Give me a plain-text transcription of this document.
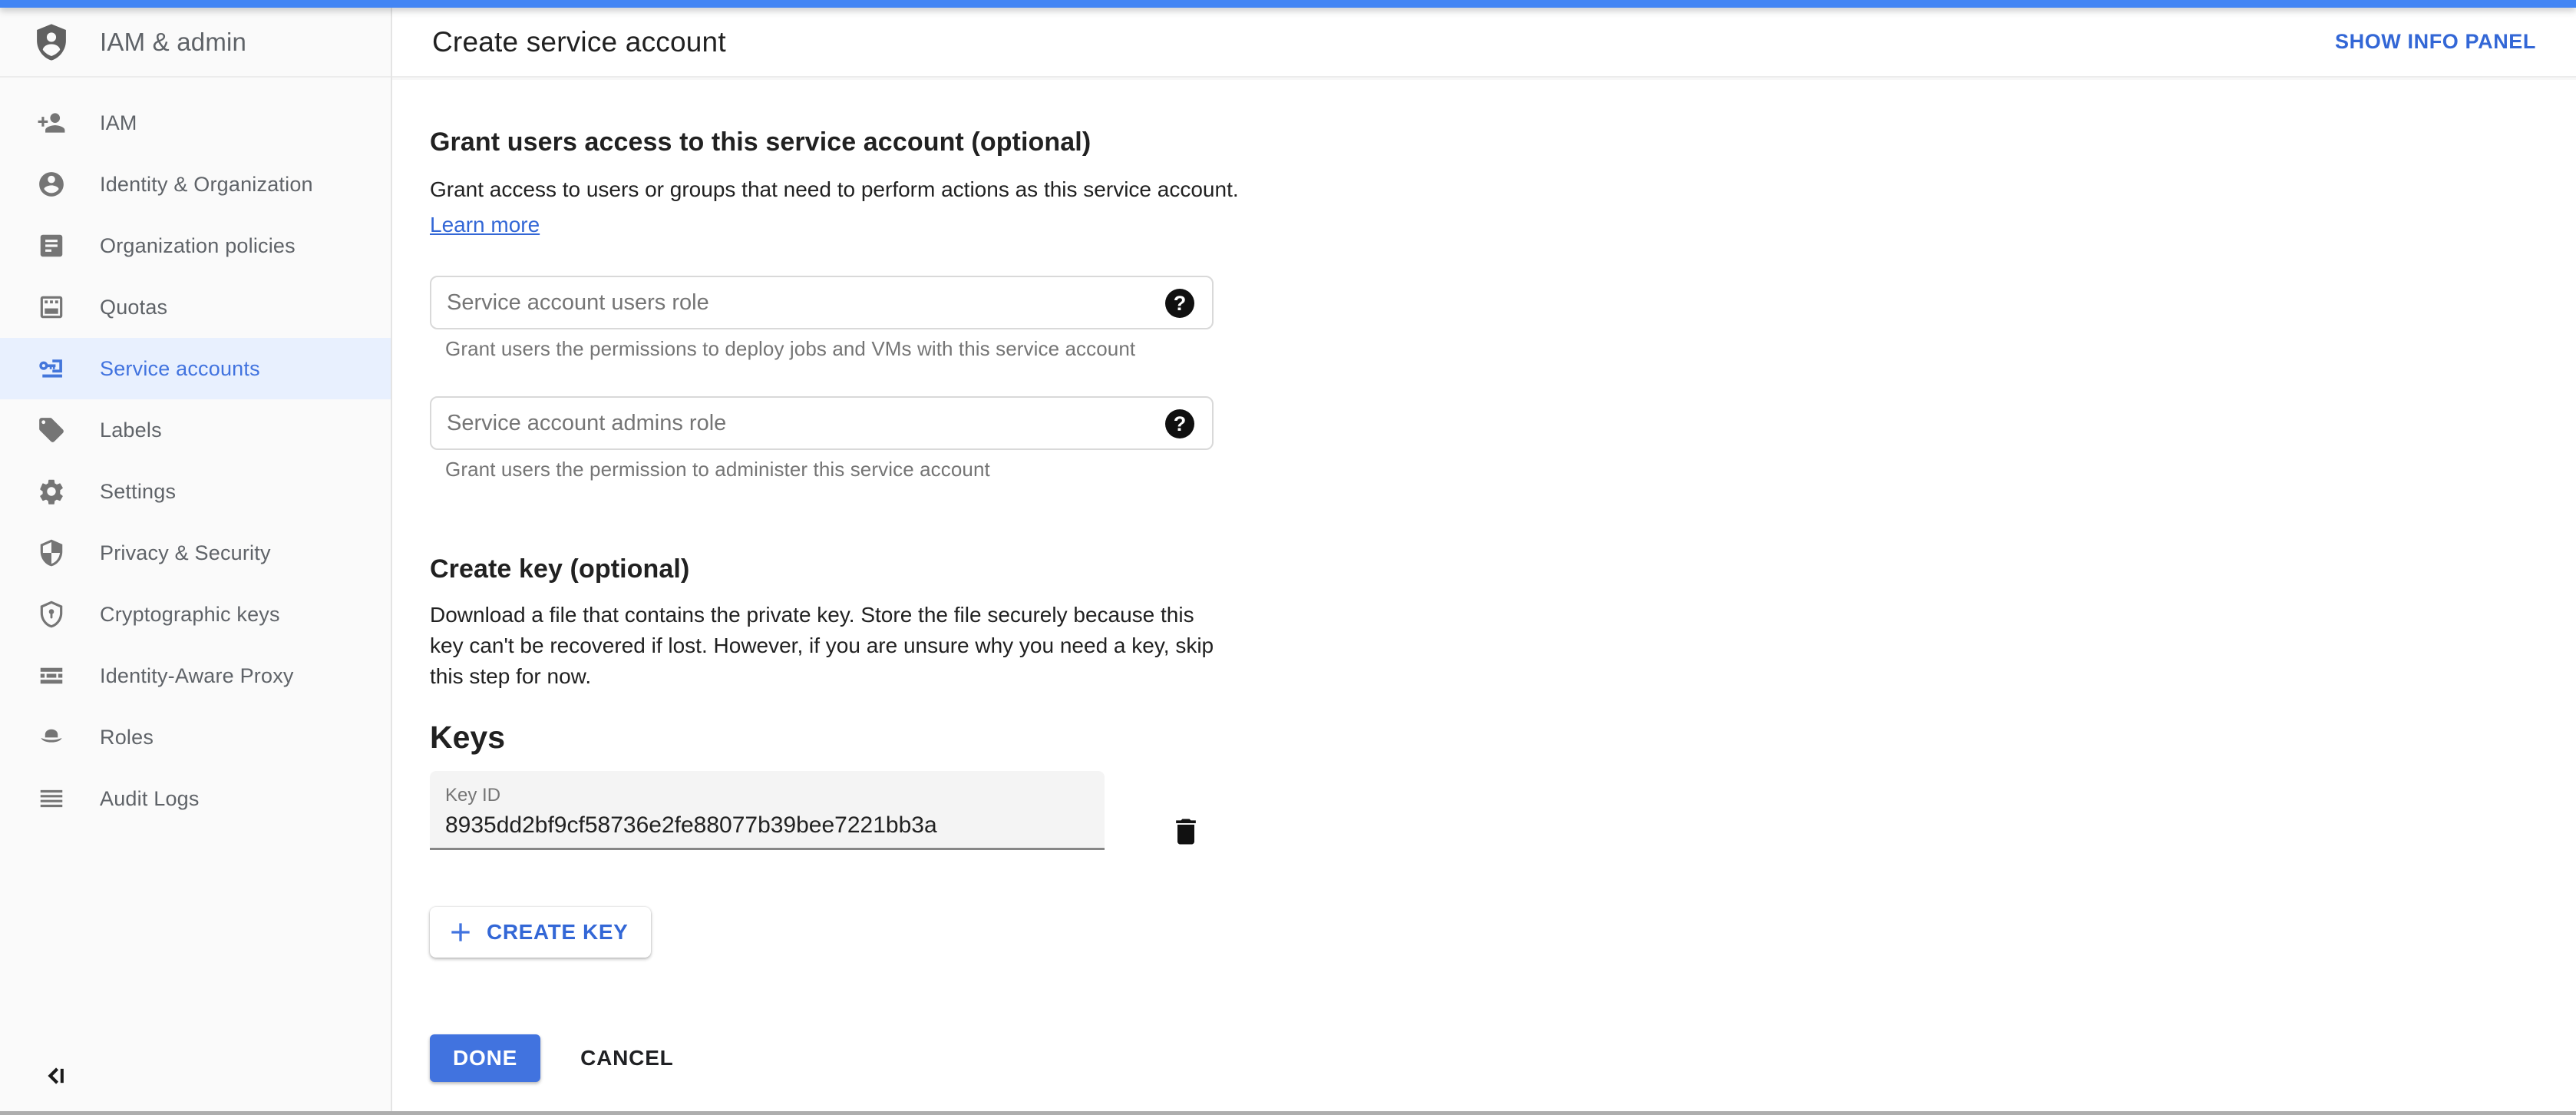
IAM & admin
IAM
Identity & Organization
Organization policies
Quotas
Service accounts
Labels
Settings
Privacy & Security
Cryptographic keys
Identity-Aware Proxy
Roles
Audit Logs
Create service account	SHOW INFO PANEL
Grant users access to this service account (optional)
Grant access to users or groups that need to perform actions as this service account.
Learn more
Service account users role
?
Grant users the permissions to deploy jobs and VMs with this service account
Service account admins role
?
Grant users the permission to administer this service account
Create key (optional)
Download a file that contains the private key. Store the file securely because this key can't be recovered if lost. However, if you are unsure why you need a key, skip this step for now.
Keys
Key ID
8935dd2bf9cf58736e2fe88077b39bee7221bb3a
CREATE KEY
DONE	CANCEL
